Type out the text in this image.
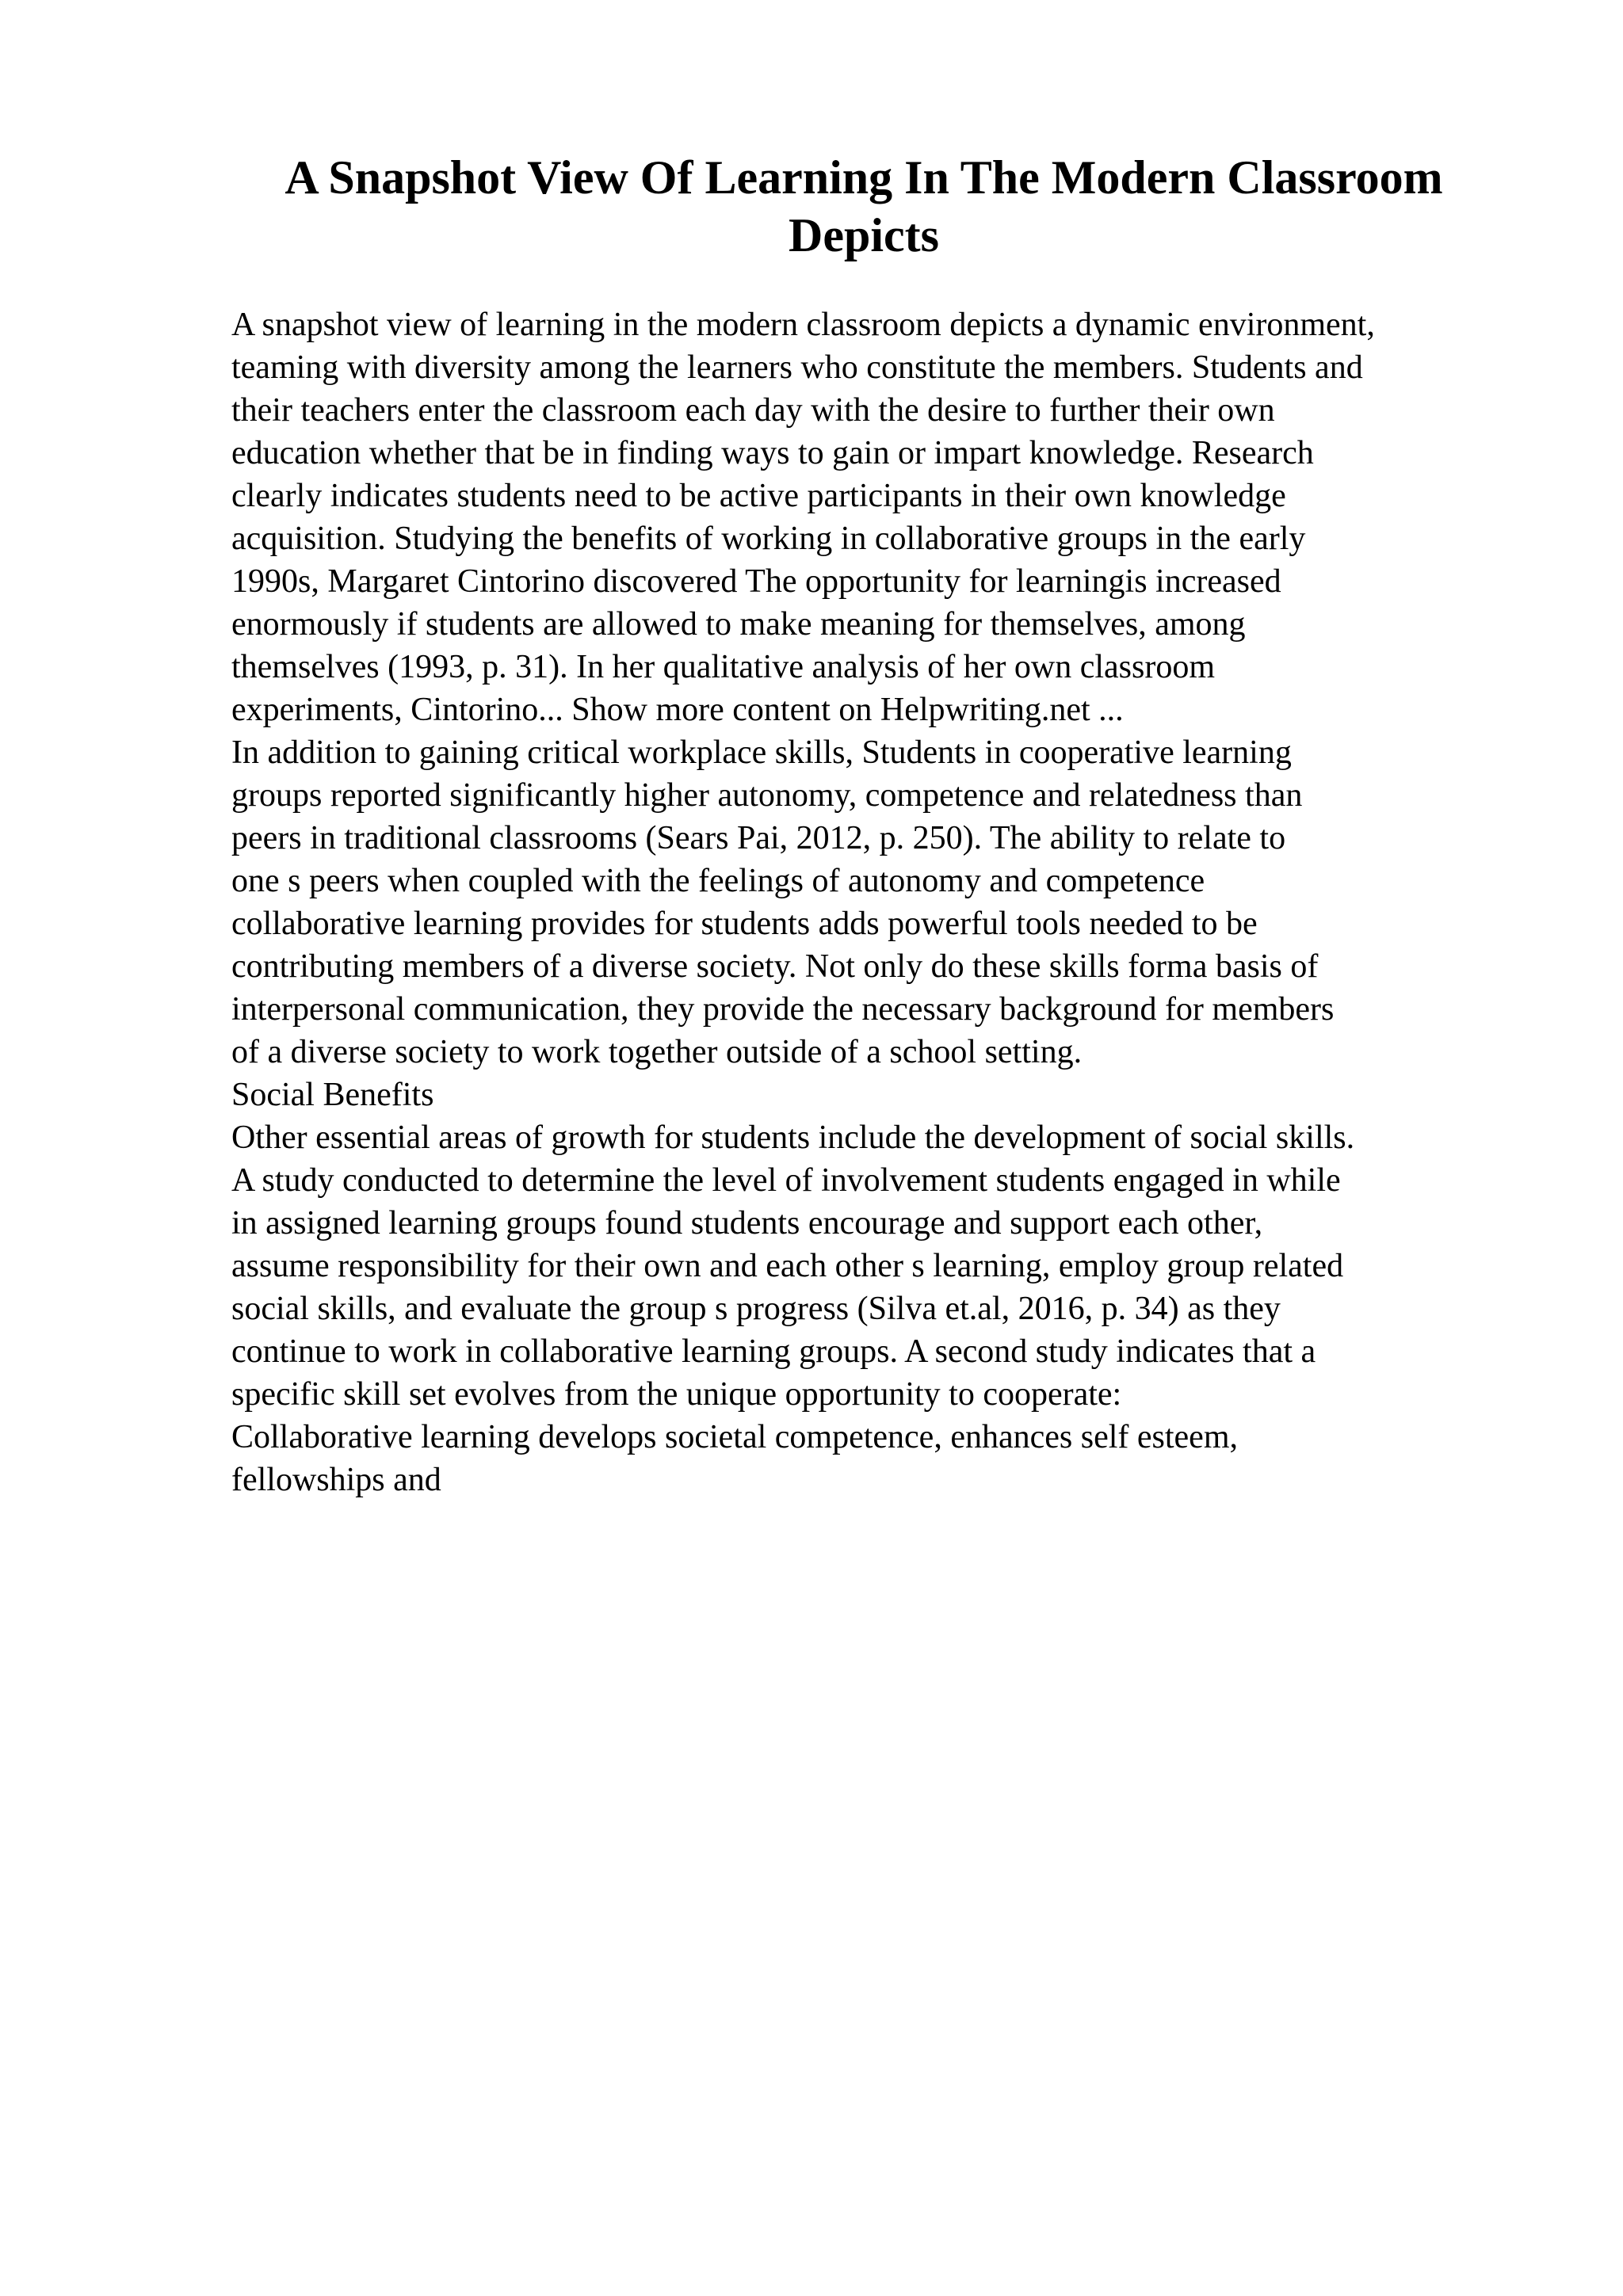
A Snapshot View Of Learning In The Modern Classroom
Depicts
A snapshot view of learning in the modern classroom depicts a dynamic environment,
teaming with diversity among the learners who constitute the members. Students and
their teachers enter the classroom each day with the desire to further their own
education whether that be in finding ways to gain or impart knowledge. Research
clearly indicates students need to be active participants in their own knowledge
acquisition. Studying the benefits of working in collaborative groups in the early
1990s, Margaret Cintorino discovered The opportunity for learningis increased
enormously if students are allowed to make meaning for themselves, among
themselves (1993, p. 31). In her qualitative analysis of her own classroom
experiments, Cintorino... Show more content on Helpwriting.net ...
In addition to gaining critical workplace skills, Students in cooperative learning
groups reported significantly higher autonomy, competence and relatedness than
peers in traditional classrooms (Sears Pai, 2012, p. 250). The ability to relate to
one s peers when coupled with the feelings of autonomy and competence
collaborative learning provides for students adds powerful tools needed to be
contributing members of a diverse society. Not only do these skills forma basis of
interpersonal communication, they provide the necessary background for members
of a diverse society to work together outside of a school setting.
Social Benefits
Other essential areas of growth for students include the development of social skills.
A study conducted to determine the level of involvement students engaged in while
in assigned learning groups found students encourage and support each other,
assume responsibility for their own and each other s learning, employ group related
social skills, and evaluate the group s progress (Silva et.al, 2016, p. 34) as they
continue to work in collaborative learning groups. A second study indicates that a
specific skill set evolves from the unique opportunity to cooperate:
Collaborative learning develops societal competence, enhances self esteem,
fellowships and
